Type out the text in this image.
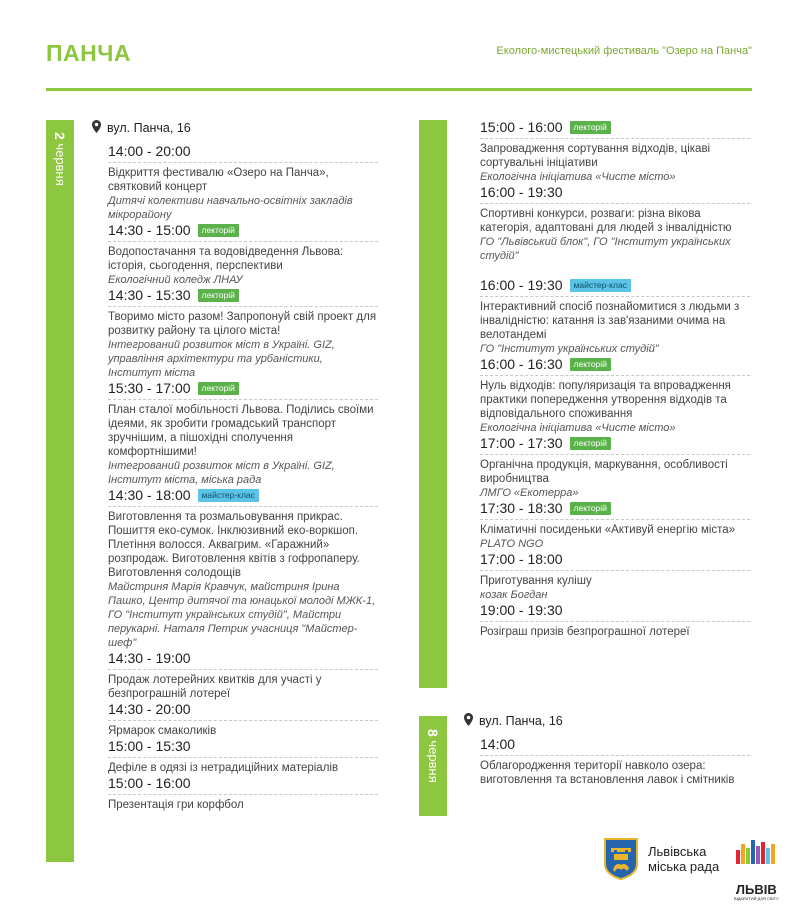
ПАНЧА	Еколого-мистецький фестиваль "Озеро на Панча"
2 червня
вул. Панча, 16
14:00 - 20:00
Відкриття фестивалю «Озеро на Панча», святковий концерт
Дитячі колективи навчально-освітніх закладів мікрорайону
14:30 - 15:00	лекторій
Водопостачання та водовідведення Львова: історія, сьогодення, перспективи
Екологічний коледж ЛНАУ
14:30 - 15:30	лекторій
Творимо місто разом! Запропонуй свій проект для розвитку району та цілого міста!
Інтегрований розвиток міст в Україні. GIZ, управління архітектури та урбаністики, Інститут міста
15:30 - 17:00	лекторій
План сталої мобільності Львова. Поділись своїми ідеями, як зробити громадський транспорт зручнішим, а пішохідні сполучення комфортнішими!
Інтегрований розвиток міст в Україні. GIZ, Інститут міста, міська рада
14:30 - 18:00	майстер-клас
Виготовлення та розмальовування прикрас. Пошиття еко-сумок. Інклюзивний еко-воркшоп. Плетіння волосся. Аквагрим. «Гаражний» розпродаж. Виготовлення квітів з гофропаперу. Виготовлення солодощів
Майстриня Марія Кравчук, майстриня Ірина Пашко, Центр дитячої та юнацької молоді МЖК-1, ГО "Інститут українських студій", Майстри перукарні. Наталя Петрик учасниця "Майстер-шеф"
14:30 - 19:00
Продаж лотерейних квитків для участі у безпрограшній лотереї
14:30 - 20:00
Ярмарок смаколиків
15:00 - 15:30
Дефіле в одязі із нетрадиційних матеріалів
15:00 - 16:00
Презентація гри корфбол
15:00 - 16:00	лекторій
Запровадження сортування відходів, цікаві сортувальні ініціативи
Екологічна ініціатива «Чисте місто»
16:00 - 19:30
Спортивні конкурси, розваги: різна вікова категорія, адаптовані для людей з інвалідністю
ГО "Львівський блок", ГО "Інститут українських студій"
16:00 - 19:30	майстер-клас
Інтерактивний спосіб познайомитися з людьми з інвалідністю: катання із зав'язаними очима на велотандемі
ГО "Інститут українських студій"
16:00 - 16:30	лекторій
Нуль відходів: популяризація та впровадження практики попередження утворення відходів та відповідального споживання
Екологічна ініціатива «Чисте місто»
17:00 - 17:30	лекторій
Органічна продукція, маркування, особливості виробництва
ЛМГО «Екотерра»
17:30 - 18:30	лекторій
Кліматичні посиденьки «Активуй енергію міста»
PLATO NGO
17:00 - 18:00
Приготування кулішу
козак Богдан
19:00 - 19:30
Розіграш призів безпрограшної лотереї
8 червня
вул. Панча, 16
14:00
Облагородження території навколо озера: виготовлення та встановлення лавок і смітників
Львівська міська рада
ЛЬВІВ
ВІДКРИТИЙ ДЛЯ СВІТУ
